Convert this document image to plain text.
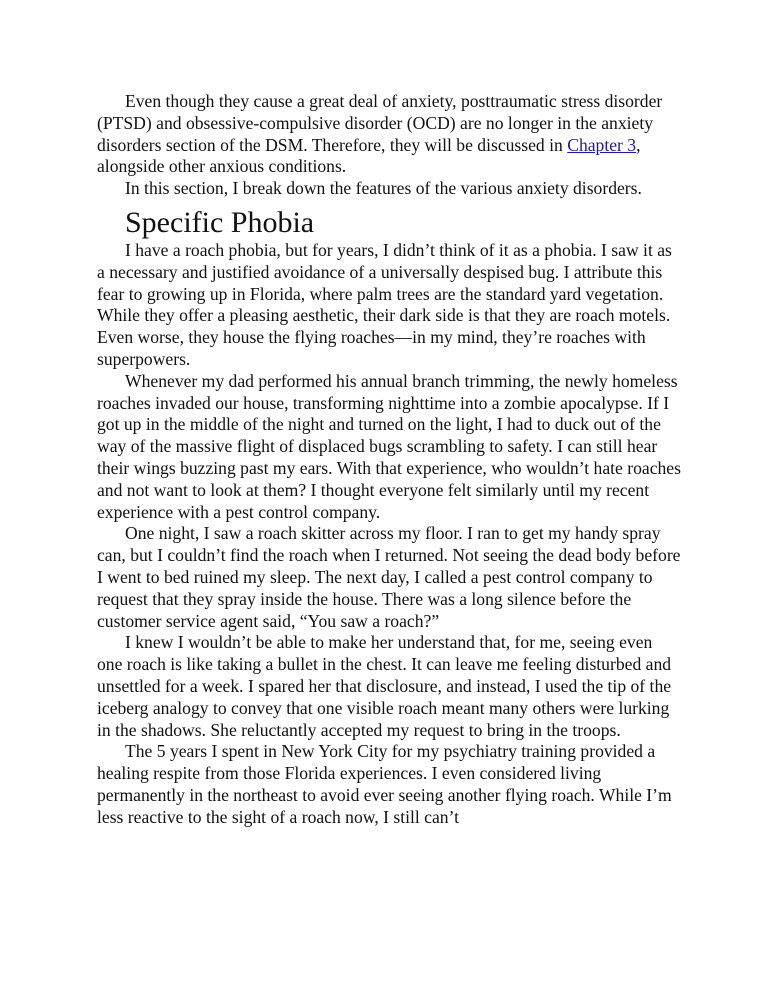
Even though they cause a great deal of anxiety, posttraumatic stress disorder (PTSD) and obsessive-compulsive disorder (OCD) are no longer in the anxiety disorders section of the DSM. Therefore, they will be discussed in Chapter 3, alongside other anxious conditions.

In this section, I break down the features of the various anxiety disorders.

Specific Phobia

I have a roach phobia, but for years, I didn’t think of it as a phobia. I saw it as a necessary and justified avoidance of a universally despised bug. I attribute this fear to growing up in Florida, where palm trees are the standard yard vegetation. While they offer a pleasing aesthetic, their dark side is that they are roach motels. Even worse, they house the flying roaches—in my mind, they’re roaches with superpowers.

Whenever my dad performed his annual branch trimming, the newly homeless roaches invaded our house, transforming nighttime into a zombie apocalypse. If I got up in the middle of the night and turned on the light, I had to duck out of the way of the massive flight of displaced bugs scrambling to safety. I can still hear their wings buzzing past my ears. With that experience, who wouldn’t hate roaches and not want to look at them? I thought everyone felt similarly until my recent experience with a pest control company.

One night, I saw a roach skitter across my floor. I ran to get my handy spray can, but I couldn’t find the roach when I returned. Not seeing the dead body before I went to bed ruined my sleep. The next day, I called a pest control company to request that they spray inside the house. There was a long silence before the customer service agent said, “You saw a roach?”

I knew I wouldn’t be able to make her understand that, for me, seeing even one roach is like taking a bullet in the chest. It can leave me feeling disturbed and unsettled for a week. I spared her that disclosure, and instead, I used the tip of the iceberg analogy to convey that one visible roach meant many others were lurking in the shadows. She reluctantly accepted my request to bring in the troops.

The 5 years I spent in New York City for my psychiatry training provided a healing respite from those Florida experiences. I even considered living permanently in the northeast to avoid ever seeing another flying roach. While I’m less reactive to the sight of a roach now, I still can’t
